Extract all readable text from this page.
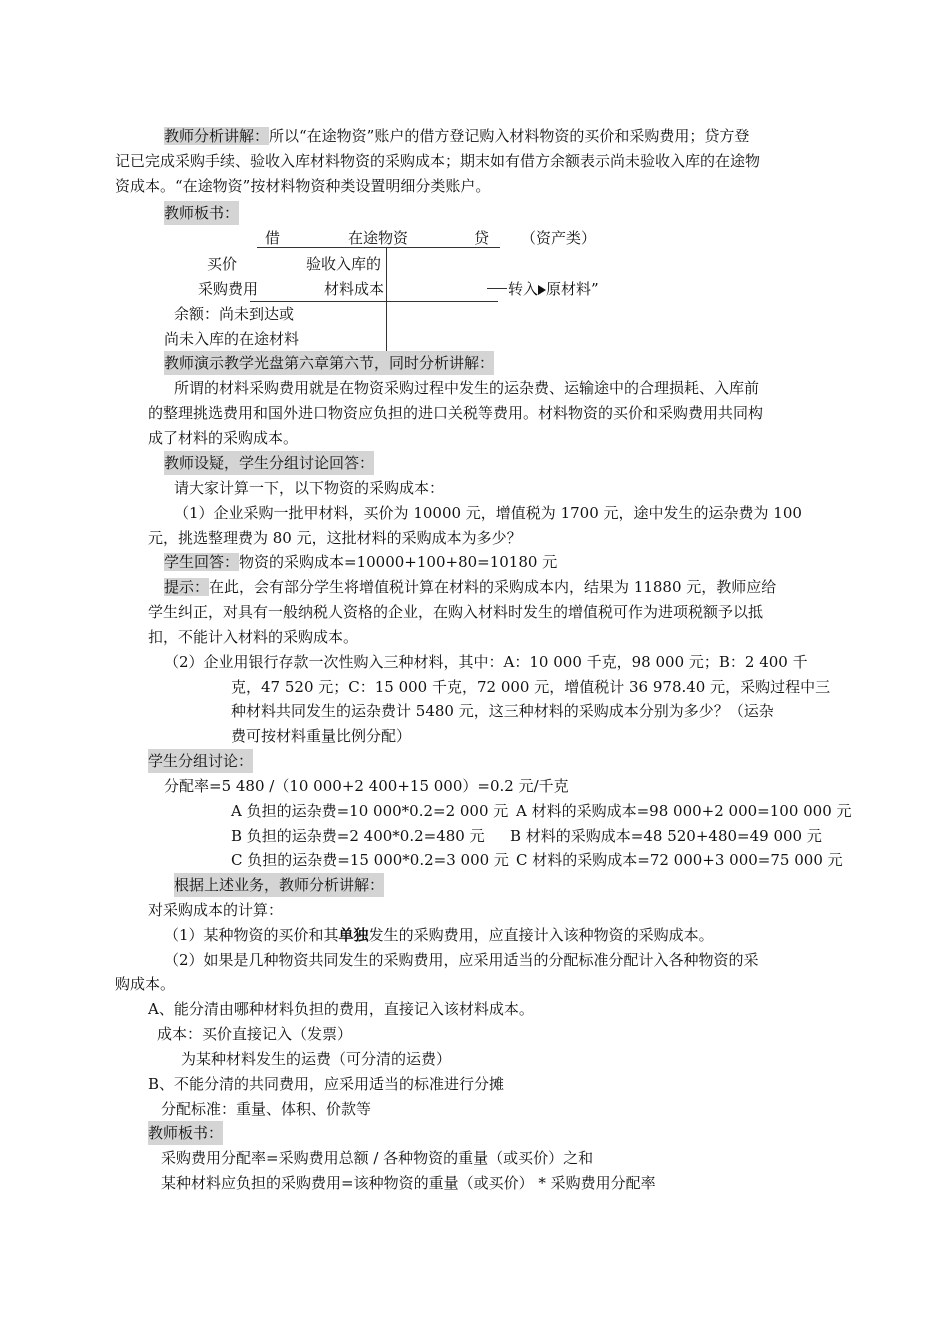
教师分析讲解：所以“在途物资”账户的借方登记购入材料物资的买价和采购费用；贷方登
记已完成采购手续、验收入库材料物资的采购成本；期末如有借方余额表示尚未验收入库的在途物
资成本。“在途物资”按材料物资种类设置明细分类账户。
教师板书：
借	在途物资	贷 （资产类）
买价	验收入库的
采购费用	材料成本	转入 原材料”
余额：尚未到达或
尚未入库的在途材料
教师演示教学光盘第六章第六节，同时分析讲解：
所谓的材料采购费用就是在物资采购过程中发生的运杂费、运输途中的合理损耗、入库前
的整理挑选费用和国外进口物资应负担的进口关税等费用。材料物资的买价和采购费用共同构
成了材料的采购成本。
教师设疑，学生分组讨论回答：
请大家计算一下，以下物资的采购成本：
（1）企业采购一批甲材料，买价为 10000 元，增值税为 1700 元，途中发生的运杂费为 100
元，挑选整理费为 80 元，这批材料的采购成本为多少？
学生回答：物资的采购成本=10000+100+80=10180 元
提示：在此，会有部分学生将增值税计算在材料的采购成本内，结果为 11880 元，教师应给
学生纠正，对具有一般纳税人资格的企业，在购入材料时发生的增值税可作为进项税额予以抵
扣，不能计入材料的采购成本。
（2）企业用银行存款一次性购入三种材料，其中：A：10 000 千克，98 000 元；B：2 400 千
克，47 520 元；C：15 000 千克，72 000 元，增值税计 36 978.40 元，采购过程中三
种材料共同发生的运杂费计 5480 元，这三种材料的采购成本分别为多少？（运杂
费可按材料重量比例分配）
学生分组讨论：
分配率=5 480 /（10 000+2 400+15 000）=0.2 元/千克
A 负担的运杂费=10 000*0.2=2 000 元 A 材料的采购成本=98 000+2 000=100 000 元
B 负担的运杂费=2 400*0.2=480 元 B 材料的采购成本=48 520+480=49 000 元
C 负担的运杂费=15 000*0.2=3 000 元 C 材料的采购成本=72 000+3 000=75 000 元
根据上述业务，教师分析讲解：
对采购成本的计算：
（1）某种物资的买价和其单独发生的采购费用，应直接计入该种物资的采购成本。
（2）如果是几种物资共同发生的采购费用，应采用适当的分配标准分配计入各种物资的采
购成本。
A、能分清由哪种材料负担的费用，直接记入该材料成本。
成本：买价直接记入（发票）
为某种材料发生的运费（可分清的运费）
B、不能分清的共同费用，应采用适当的标准进行分摊
分配标准：重量、体积、价款等
教师板书：
采购费用分配率=采购费用总额 / 各种物资的重量（或买价）之和
某种材料应负担的采购费用=该种物资的重量（或买价） * 采购费用分配率
